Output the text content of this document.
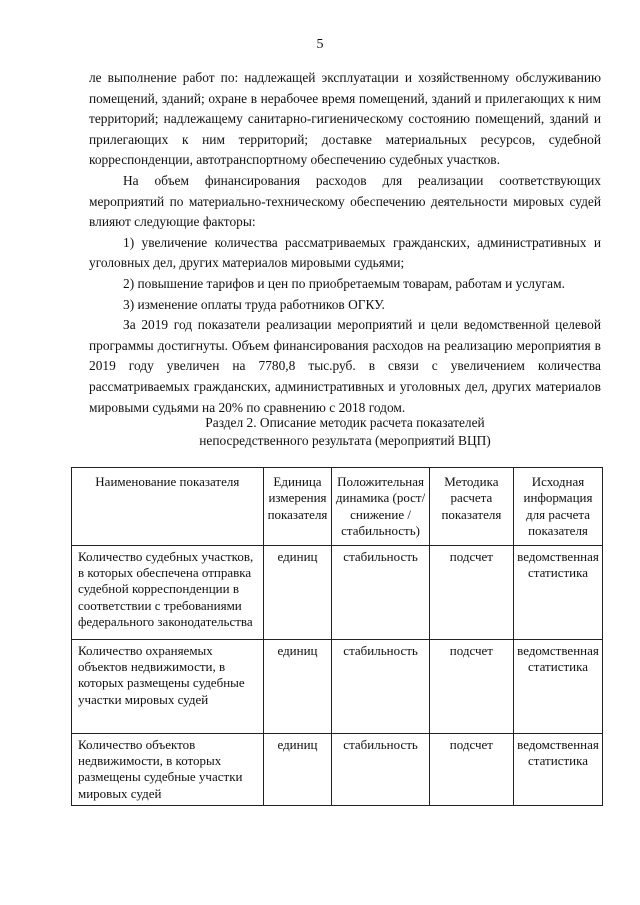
5

ле выполнение работ по: надлежащей эксплуатации и хозяйственному обслуживанию помещений, зданий; охране в нерабочее время помещений, зданий и прилегающих к ним территорий; надлежащему санитарно-гигиеническому состоянию помещений, зданий и прилегающих к ним территорий; доставке материальных ресурсов, судебной корреспонденции, автотранспортному обеспечению судебных участков.

На объем финансирования расходов для реализации соответствующих мероприятий по материально-техническому обеспечению деятельности мировых судей влияют следующие факторы:

1) увеличение количества рассматриваемых гражданских, административных и уголовных дел, других материалов мировыми судьями;

2) повышение тарифов и цен по приобретаемым товарам, работам и услугам.

3) изменение оплаты труда работников ОГКУ.

За 2019 год показатели реализации мероприятий и цели ведомственной целевой программы достигнуты. Объем финансирования расходов на реализацию мероприятия в 2019 году увеличен на 7780,8 тыс.руб. в связи с увеличением количества рассматриваемых гражданских, административных и уголовных дел, других материалов мировыми судьями на 20% по сравнению с 2018 годом.

Раздел 2. Описание методик расчета показателей
непосредственного результата (мероприятий ВЦП)
Наименование показателя	Единица измерения показателя	Положительная динамика (рост/снижение / стабильность)	Методика расчета показателя	Исходная информация для расчета показателя
Количество судебных участков, в которых обеспечена отправка судебной корреспонденции в соответствии с требованиями федерального законодательства	единиц	стабильность	подсчет	ведомственная статистика
Количество охраняемых объектов недвижимости, в которых размещены судебные участки мировых судей	единиц	стабильность	подсчет	ведомственная статистика
Количество объектов недвижимости, в которых размещены судебные участки мировых судей	единиц	стабильность	подсчет	ведомственная статистика
